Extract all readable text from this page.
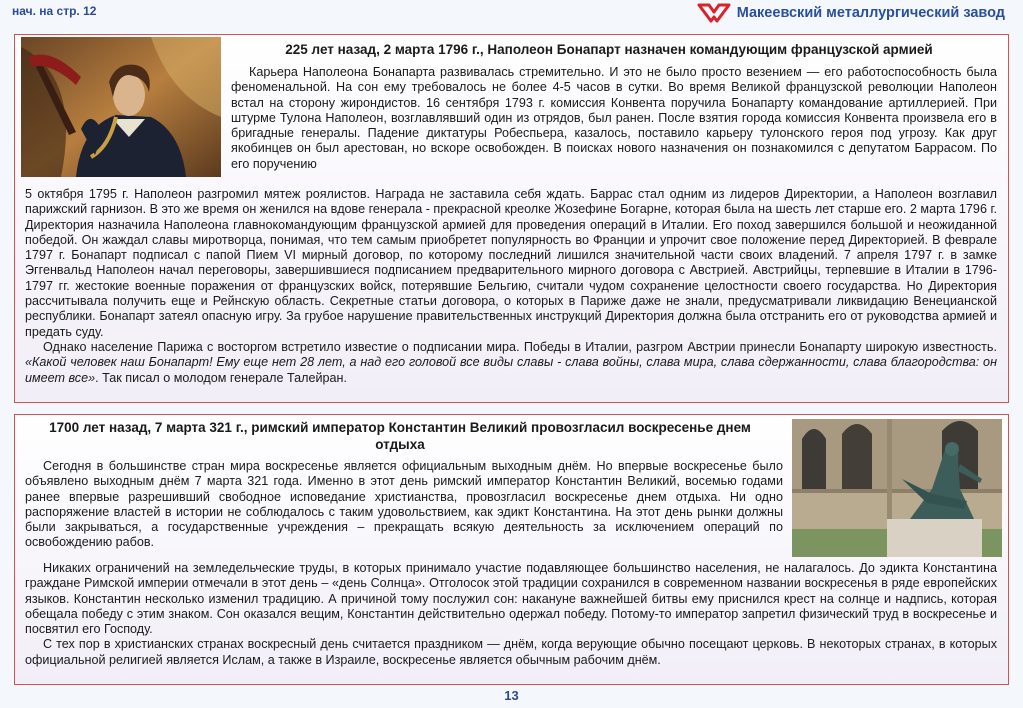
нач. на стр. 12	Макеевский металлургический завод
225 лет назад, 2 марта 1796 г., Наполеон Бонапарт назначен командующим французской армией

Карьера Наполеона Бонапарта развивалась стремительно. И это не было просто везением — его работоспособность была феноменальной. На сон ему требовалось не более 4-5 часов в сутки. Во время Великой французской революции Наполеон встал на сторону жирондистов. 16 сентября 1793 г. комиссия Конвента поручила Бонапарту командование артиллерией. При штурме Тулона Наполеон, возглавлявший один из отрядов, был ранен. После взятия города комиссия Конвента произвела его в бригадные генералы. Падение диктатуры Робеспьера, казалось, поставило карьеру тулонского героя под угрозу. Как друг якобинцев он был арестован, но вскоре освобожден. В поисках нового назначения он познакомился с депутатом Баррасом. По его поручению

5 октября 1795 г. Наполеон разгромил мятеж роялистов. Награда не заставила себя ждать. Баррас стал одним из лидеров Директории, а Наполеон возглавил парижский гарнизон. В это же время он женился на вдове генерала - прекрасной креолке Жозефине Богарне, которая была на шесть лет старше его. 2 марта 1796 г. Директория назначила Наполеона главнокомандующим французской армией для проведения операций в Италии. Его поход завершился большой и неожиданной победой. Он жаждал славы миротворца, понимая, что тем самым приобретет популярность во Франции и упрочит свое положение перед Директорией. В феврале 1797 г. Бонапарт подписал с папой Пием VI мирный договор, по которому последний лишился значительной части своих владений. 7 апреля 1797 г. в замке Эггенвальд Наполеон начал переговоры, завершившиеся подписанием предварительного мирного договора с Австрией. Австрийцы, терпевшие в Италии в 1796-1797 гг. жестокие военные поражения от французских войск, потерявшие Бельгию, считали чудом сохранение целостности своего государства. Но Директория рассчитывала получить еще и Рейнскую область. Секретные статьи договора, о которых в Париже даже не знали, предусматривали ликвидацию Венецианской республики. Бонапарт затеял опасную игру. За грубое нарушение правительственных инструкций Директория должна была отстранить его от руководства армией и предать суду.

Однако население Парижа с восторгом встретило известие о подписании мира. Победы в Италии, разгром Австрии принесли Бонапарту широкую известность. «Какой человек наш Бонапарт! Ему еще нет 28 лет, а над его головой все виды славы - слава войны, слава мира, слава сдержанности, слава благородства: он имеет все». Так писал о молодом генерале Талейран.

1700 лет назад, 7 марта 321 г., римский император Константин Великий провозгласил воскресенье днем отдыха

Сегодня в большинстве стран мира воскресенье является официальным выходным днём. Но впервые воскресенье было объявлено выходным днём 7 марта 321 года. Именно в этот день римский император Константин Великий, восемью годами ранее впервые разрешивший свободное исповедание христианства, провозгласил воскресенье днем отдыха. Ни одно распоряжение властей в истории не соблюдалось с таким удовольствием, как эдикт Константина. На этот день рынки должны были закрываться, а государственные учреждения – прекращать всякую деятельность за исключением операций по освобождению рабов.

Никаких ограничений на земледельческие труды, в которых принимало участие подавляющее большинство населения, не налагалось. До эдикта Константина граждане Римской империи отмечали в этот день – «день Солнца». Отголосок этой традиции сохранился в современном названии воскресенья в ряде европейских языков. Константин несколько изменил традицию. А причиной тому послужил сон: накануне важнейшей битвы ему приснился крест на солнце и надпись, которая обещала победу с этим знаком. Сон оказался вещим, Константин действительно одержал победу. Потому-то император запретил физический труд в воскресенье и посвятил его Господу.

С тех пор в христианских странах воскресный день считается праздником — днём, когда верующие обычно посещают церковь. В некоторых странах, в которых официальной религией является Ислам, а также в Израиле, воскресенье является обычным рабочим днём.

13
